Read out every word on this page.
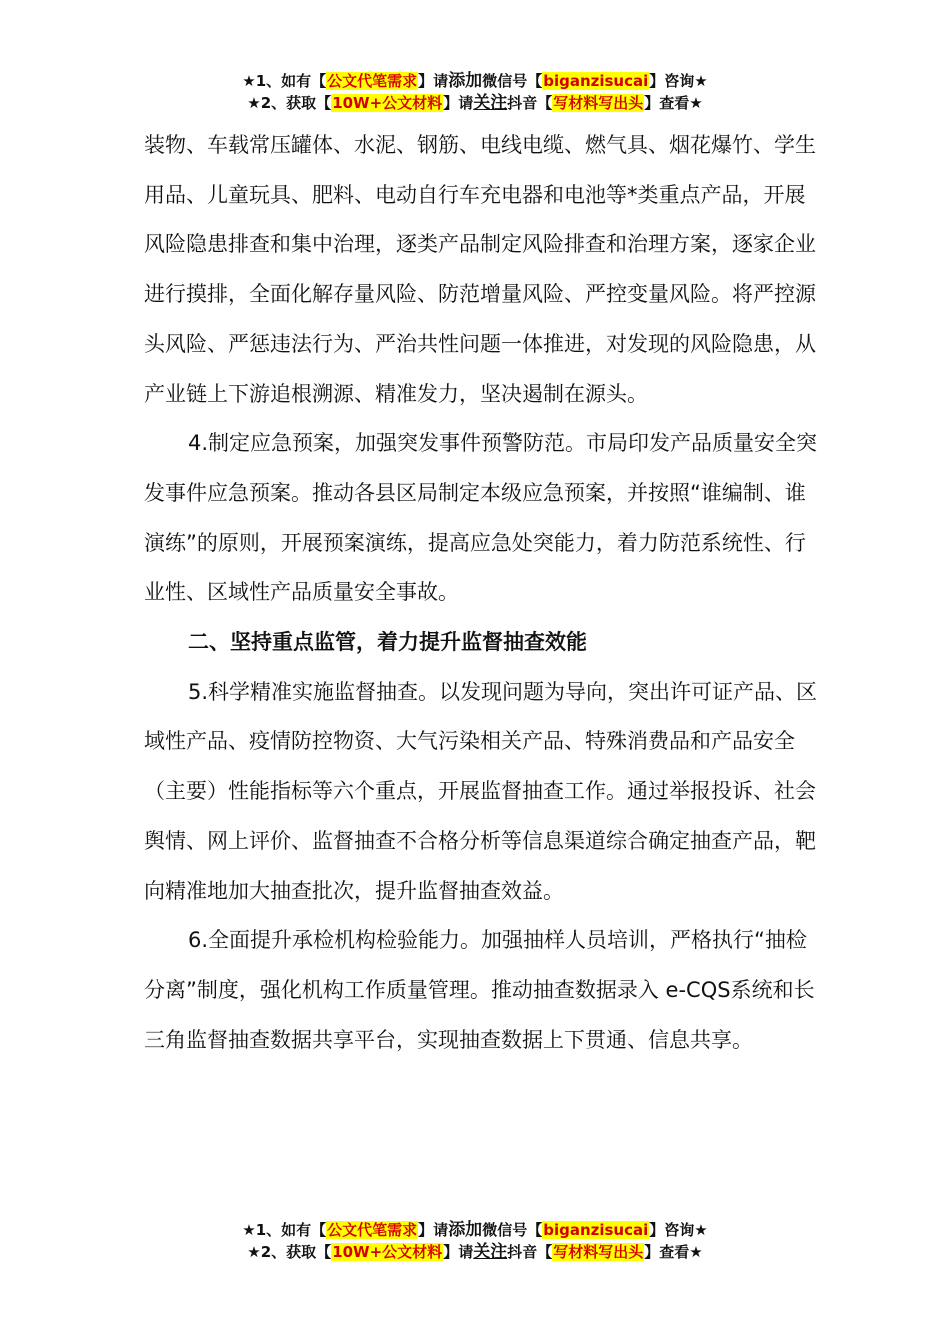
★1、如有【公文代笔需求】请添加微信号【biganzisucai】咨询★
★2、获取【10W+公文材料】请关注抖音【写材料写出头】查看★

装物、车载常压罐体、水泥、钢筋、电线电缆、燃气具、烟花爆竹、学生用品、儿童玩具、肥料、电动自行车充电器和电池等*类重点产品，开展风险隐患排查和集中治理，逐类产品制定风险排查和治理方案，逐家企业进行摸排，全面化解存量风险、防范增量风险、严控变量风险。将严控源头风险、严惩违法行为、严治共性问题一体推进，对发现的风险隐患，从产业链上下游追根溯源、精准发力，坚决遏制在源头。

4.制定应急预案，加强突发事件预警防范。市局印发产品质量安全突发事件应急预案。推动各县区局制定本级应急预案，并按照“谁编制、谁演练”的原则，开展预案演练，提高应急处突能力，着力防范系统性、行业性、区域性产品质量安全事故。

二、坚持重点监管，着力提升监督抽查效能

5.科学精准实施监督抽查。以发现问题为导向，突出许可证产品、区域性产品、疫情防控物资、大气污染相关产品、特殊消费品和产品安全（主要）性能指标等六个重点，开展监督抽查工作。通过举报投诉、社会舆情、网上评价、监督抽查不合格分析等信息渠道综合确定抽查产品，靶向精准地加大抽查批次，提升监督抽查效益。

6.全面提升承检机构检验能力。加强抽样人员培训，严格执行“抽检分离”制度，强化机构工作质量管理。推动抽查数据录入 e-CQS系统和长三角监督抽查数据共享平台，实现抽查数据上下贯通、信息共享。

★1、如有【公文代笔需求】请添加微信号【biganzisucai】咨询★
★2、获取【10W+公文材料】请关注抖音【写材料写出头】查看★
